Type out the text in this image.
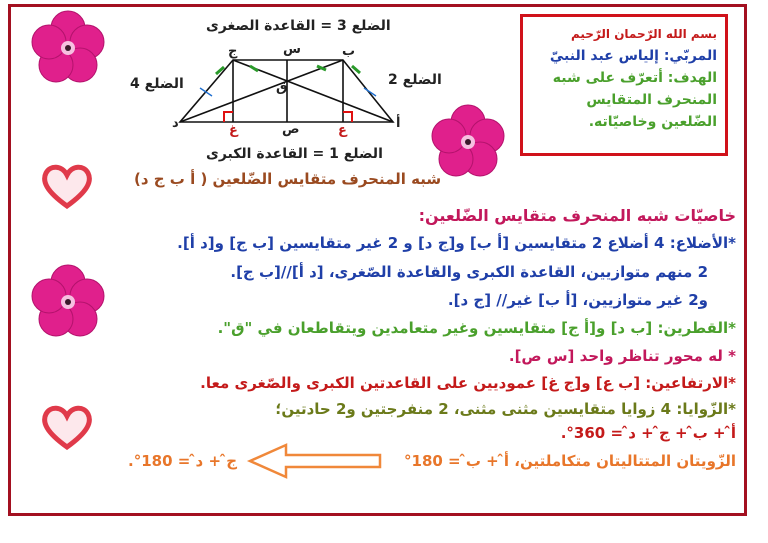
بسم الله الرّحمان الرّحيم
المربّي: إلياس عبد النبيّ
الهدف: أتعرّف على شبه
المنحرف المتقايس
الضّلعين وخاصيّاته.
الضلع 3 = القاعدة الصغرى
الضلع 2
الضلع 4
الضلع 1 = القاعدة الكبرى
شبه المنحرف متقايس الضّلعين ( أ ب ج د)
ج	س	ب
ق
د	غ	ص	ع	أ
خاصيّات شبه المنحرف متقايس الضّلعين:
*الأضلاع: 4 أضلاع 2 متقايسين [أ ب] و[ج د] و 2 غير متقايسين [ب ج] و[د أ].
2 منهم متوازيين، القاعدة الكبرى والقاعدة الصّغرى، [د أ]//[ب ج].
و2 غير متوازيين، [أ ب] غير// [ج د].
*القطرين: [ب د] و[أ ج] متقايسين وغير متعامدين ويتقاطعان في "ق".
* له محور تناظر واحد [س ص].
*الارتفاعين: [ب ع] و[ج غ] عموديين على القاعدتين الكبرى والصّغرى معا.
*الزّوايا: 4 زوايا متقايسين مثنى مثنى، 2 منفرجتين و2 حادتين؛
أ̂ + ب̂ + ج̂ + د̂ = 360°.
الزّويتان المتتاليتان متكاملتين، أ̂ + ب̂ = 180°
ج̂ + د̂ = 180°.
